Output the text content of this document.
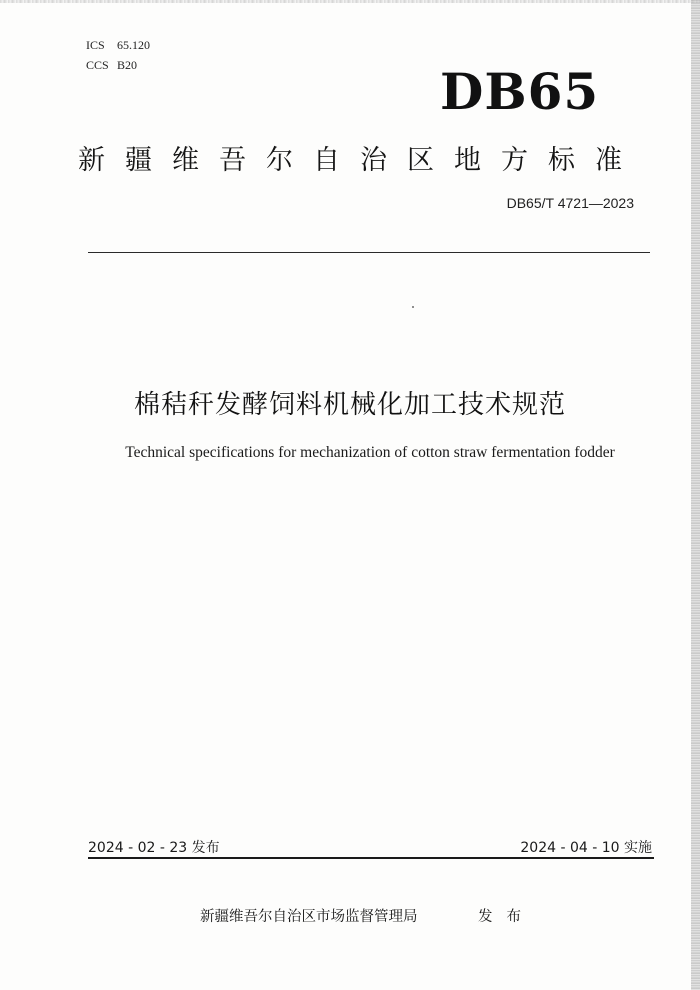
ICS 65.120
CCS B20	DB65
新疆维吾尔自治区地方标准
DB65/T 4721—2023
棉秸秆发酵饲料机械化加工技术规范
Technical specifications for mechanization of cotton straw fermentation fodder
2024 - 02 - 23 发布	2024 - 04 - 10 实施
新疆维吾尔自治区市场监督管理局	发布
